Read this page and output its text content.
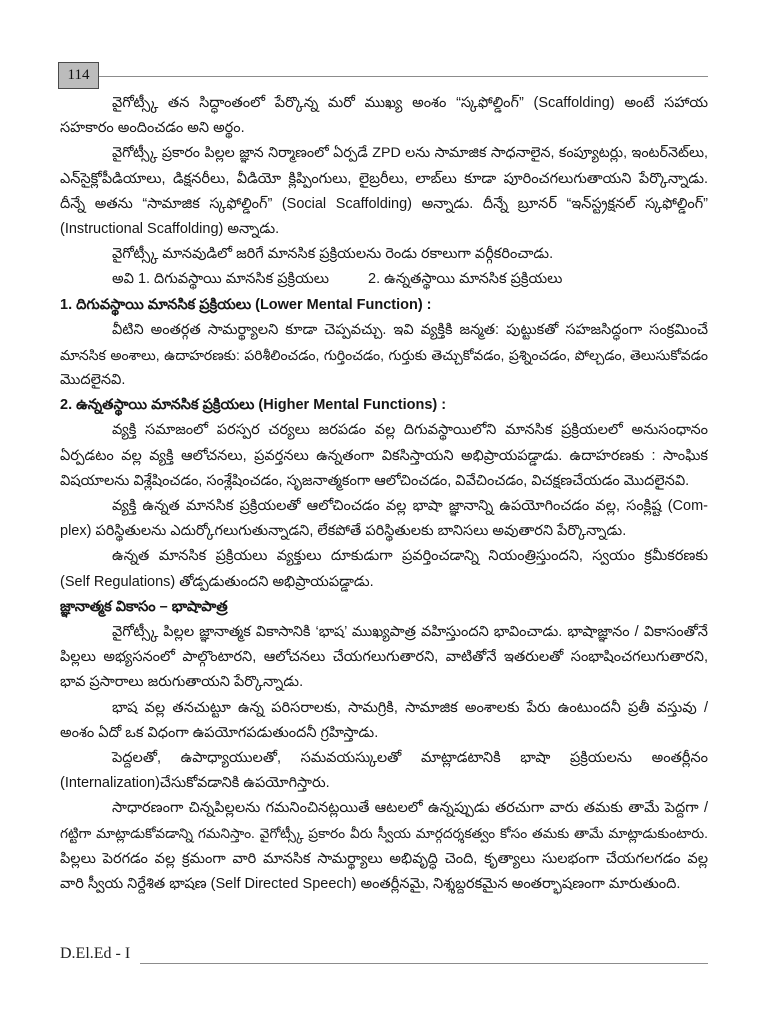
114
వైగోట్స్కీ తన సిద్ధాంతంలో పేర్కొన్న మరో ముఖ్య అంశం “స్కఫోల్డింగ్” (Scaffolding) అంటే సహాయ
సహకారం అందించడం అని అర్థం.
వైగోట్స్కీ ప్రకారం పిల్లల జ్ఞాన నిర్మాణంలో ఏర్పడే ZPD లను సామాజిక సాధనాలైన, కంప్యూటర్లు, ఇంటర్‌నెట్‌లు,
ఎన్‌సైక్లోపీడియాలు, డిక్షనరీలు, వీడియో క్లిప్పింగులు, లైబ్రరీలు, లాబ్‌లు కూడా పూరించగలుగుతాయని పేర్కొన్నాడు.
దీన్నే అతను “సామాజిక స్కఫోల్డింగ్” (Social Scaffolding) అన్నాడు. దీన్నే బ్రూనర్ “ఇన్‌స్ట్రక్షనల్ స్కఫోల్డింగ్”
(Instructional Scaffolding) అన్నాడు.
వైగోట్స్కీ మానవుడిలో జరిగే మానసిక ప్రక్రియలను రెండు రకాలుగా వర్గీకరించాడు.
అవి 1. దిగువస్థాయి మానసిక ప్రక్రియలు	2. ఉన్నతస్థాయి మానసిక ప్రక్రియలు
1. దిగువస్థాయి మానసిక ప్రక్రియలు (Lower Mental Function) :
వీటిని అంతర్గత సామర్థ్యాలని కూడా చెప్పవచ్చు. ఇవి వ్యక్తికి జన్మత: పుట్టుకతో సహజసిద్ధంగా సంక్రమించే
మానసిక అంశాలు, ఉదాహరణకు: పరిశీలించడం, గుర్తించడం, గుర్తుకు తెచ్చుకోవడం, ప్రశ్నించడం, పోల్చడం, తెలుసుకోవడం
మొదలైనవి.
2. ఉన్నతస్థాయి మానసిక ప్రక్రియలు (Higher Mental Functions) :
వ్యక్తి సమాజంలో పరస్పర చర్యలు జరపడం వల్ల దిగువస్థాయిలోని మానసిక ప్రక్రియలలో అనుసంధానం
ఏర్పడటం వల్ల వ్యక్తి ఆలోచనలు, ప్రవర్తనలు ఉన్నతంగా వికసిస్తాయని అభిప్రాయపడ్డాడు. ఉదాహరణకు : సాంఘిక
విషయాలను విశ్లేషించడం, సంశ్లేషించడం, సృజనాత్మకంగా ఆలోచించడం, వివేచించడం, విచక్షణచేయడం మొదలైనవి.
వ్యక్తి ఉన్నత మానసిక ప్రక్రియలతో ఆలోచించడం వల్ల భాషా జ్ఞానాన్ని ఉపయోగించడం వల్ల, సంక్లిష్ట (Com-
plex) పరిస్థితులను ఎదుర్కోగలుగుతున్నాడని, లేకపోతే పరిస్థితులకు బానిసలు అవుతారని పేర్కొన్నాడు.
ఉన్నత మానసిక ప్రక్రియలు వ్యక్తులు దూకుడుగా ప్రవర్తించడాన్ని నియంత్రిస్తుందని, స్వయం క్రమీకరణకు
(Self Regulations) తోడ్పడుతుందని అభిప్రాయపడ్డాడు.
జ్ఞానాత్మక వికాసం – భాషాపాత్ర
వైగోట్స్కీ పిల్లల జ్ఞానాత్మక వికాసానికి ‘భాష’ ముఖ్యపాత్ర వహిస్తుందని భావించాడు. భాషాజ్ఞానం / వికాసంతోనే
పిల్లలు అభ్యసనంలో పాల్గొంటారని, ఆలోచనలు చేయగలుగుతారని, వాటితోనే ఇతరులతో సంభాషించగలుగుతారని,
భావ ప్రసారాలు జరుగుతాయని పేర్కొన్నాడు.
భాష వల్ల తనచుట్టూ ఉన్న పరిసరాలకు, సామగ్రికి, సామాజిక అంశాలకు పేరు ఉంటుందనీ ప్రతీ వస్తువు /
అంశం ఏదో ఒక విధంగా ఉపయోగపడుతుందనీ గ్రహిస్తాడు.
పెద్దలతో, ఉపాధ్యాయులతో, సమవయస్కులతో మాట్లాడటానికి భాషా ప్రక్రియలను అంతర్లీనం
(Internalization)చేసుకోవడానికి ఉపయోగిస్తారు.
సాధారణంగా చిన్నపిల్లలను గమనించినట్లయితే ఆటలలో ఉన్నప్పుడు తరచుగా వారు తమకు తామే పెద్దగా /
గట్టిగా మాట్లాడుకోవడాన్ని గమనిస్తాం. వైగోట్స్కీ ప్రకారం వీరు స్వీయ మార్గదర్శకత్వం కోసం తమకు తామే మాట్లాడుకుంటారు.
పిల్లలు పెరగడం వల్ల క్రమంగా వారి మానసిక సామర్థ్యాలు అభివృద్ధి చెంది, కృత్యాలు సులభంగా చేయగలగడం వల్ల
వారి స్వీయ నిర్దేశిత భాషణ (Self Directed Speech) అంతర్లీనమై, నిశ్శబ్దరకమైన అంతర్భాషణంగా మారుతుంది.
D.El.Ed - I
